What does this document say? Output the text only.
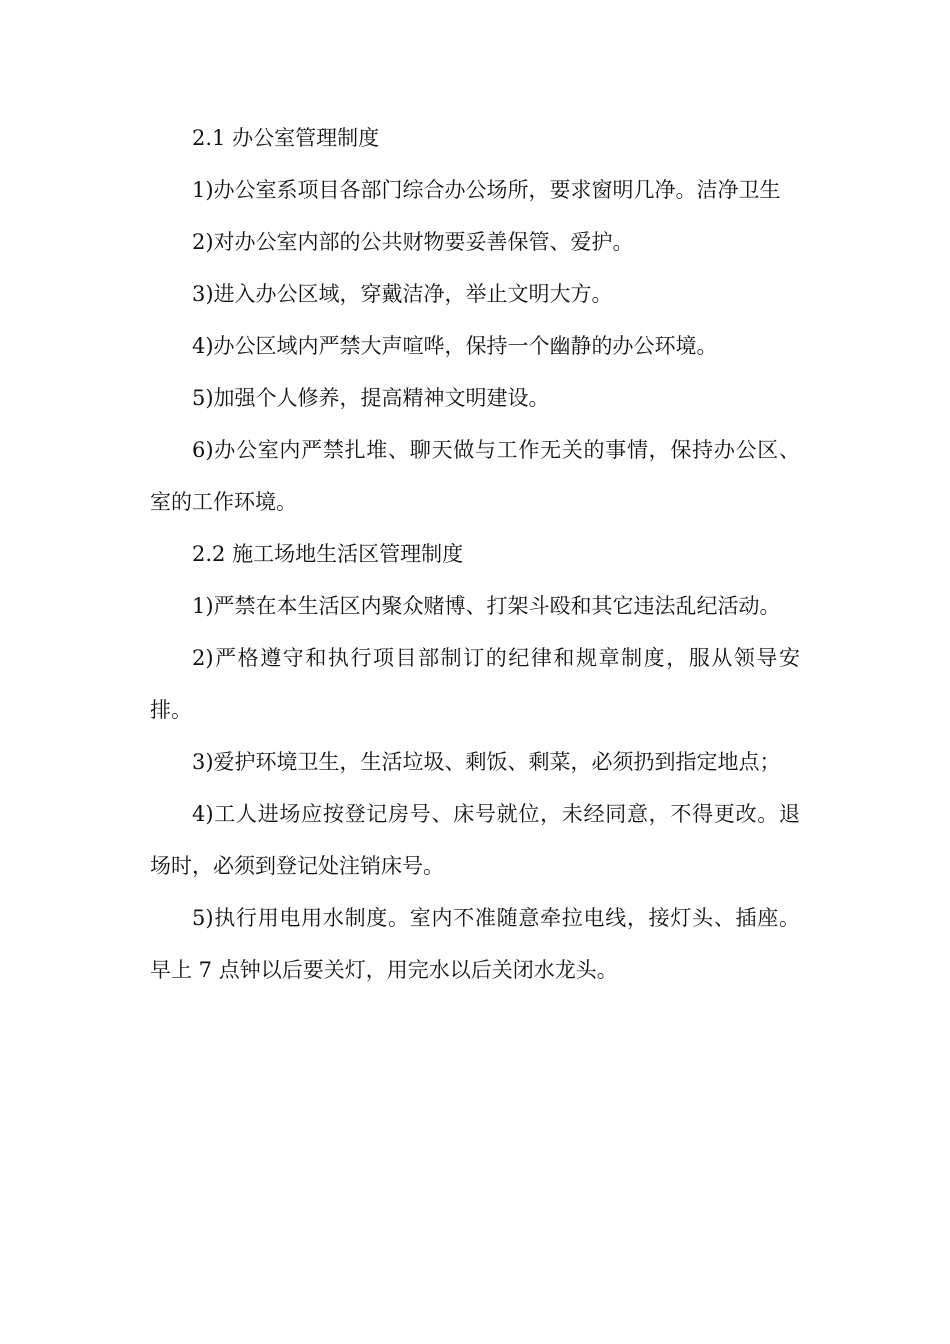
2.1 办公室管理制度

1)办公室系项目各部门综合办公场所，要求窗明几净。洁净卫生

2)对办公室内部的公共财物要妥善保管、爱护。

3)进入办公区域，穿戴洁净，举止文明大方。

4)办公区域内严禁大声喧哗，保持一个幽静的办公环境。

5)加强个人修养，提高精神文明建设。

6)办公室内严禁扎堆、聊天做与工作无关的事情，保持办公区、室的工作环境。

2.2 施工场地生活区管理制度

1)严禁在本生活区内聚众赌博、打架斗殴和其它违法乱纪活动。

2)严格遵守和执行项目部制订的纪律和规章制度，服从领导安排。

3)爱护环境卫生，生活垃圾、剩饭、剩菜，必须扔到指定地点；

4)工人进场应按登记房号、床号就位，未经同意，不得更改。退场时，必须到登记处注销床号。

5)执行用电用水制度。室内不准随意牵拉电线，接灯头、插座。早上 7 点钟以后要关灯，用完水以后关闭水龙头。
